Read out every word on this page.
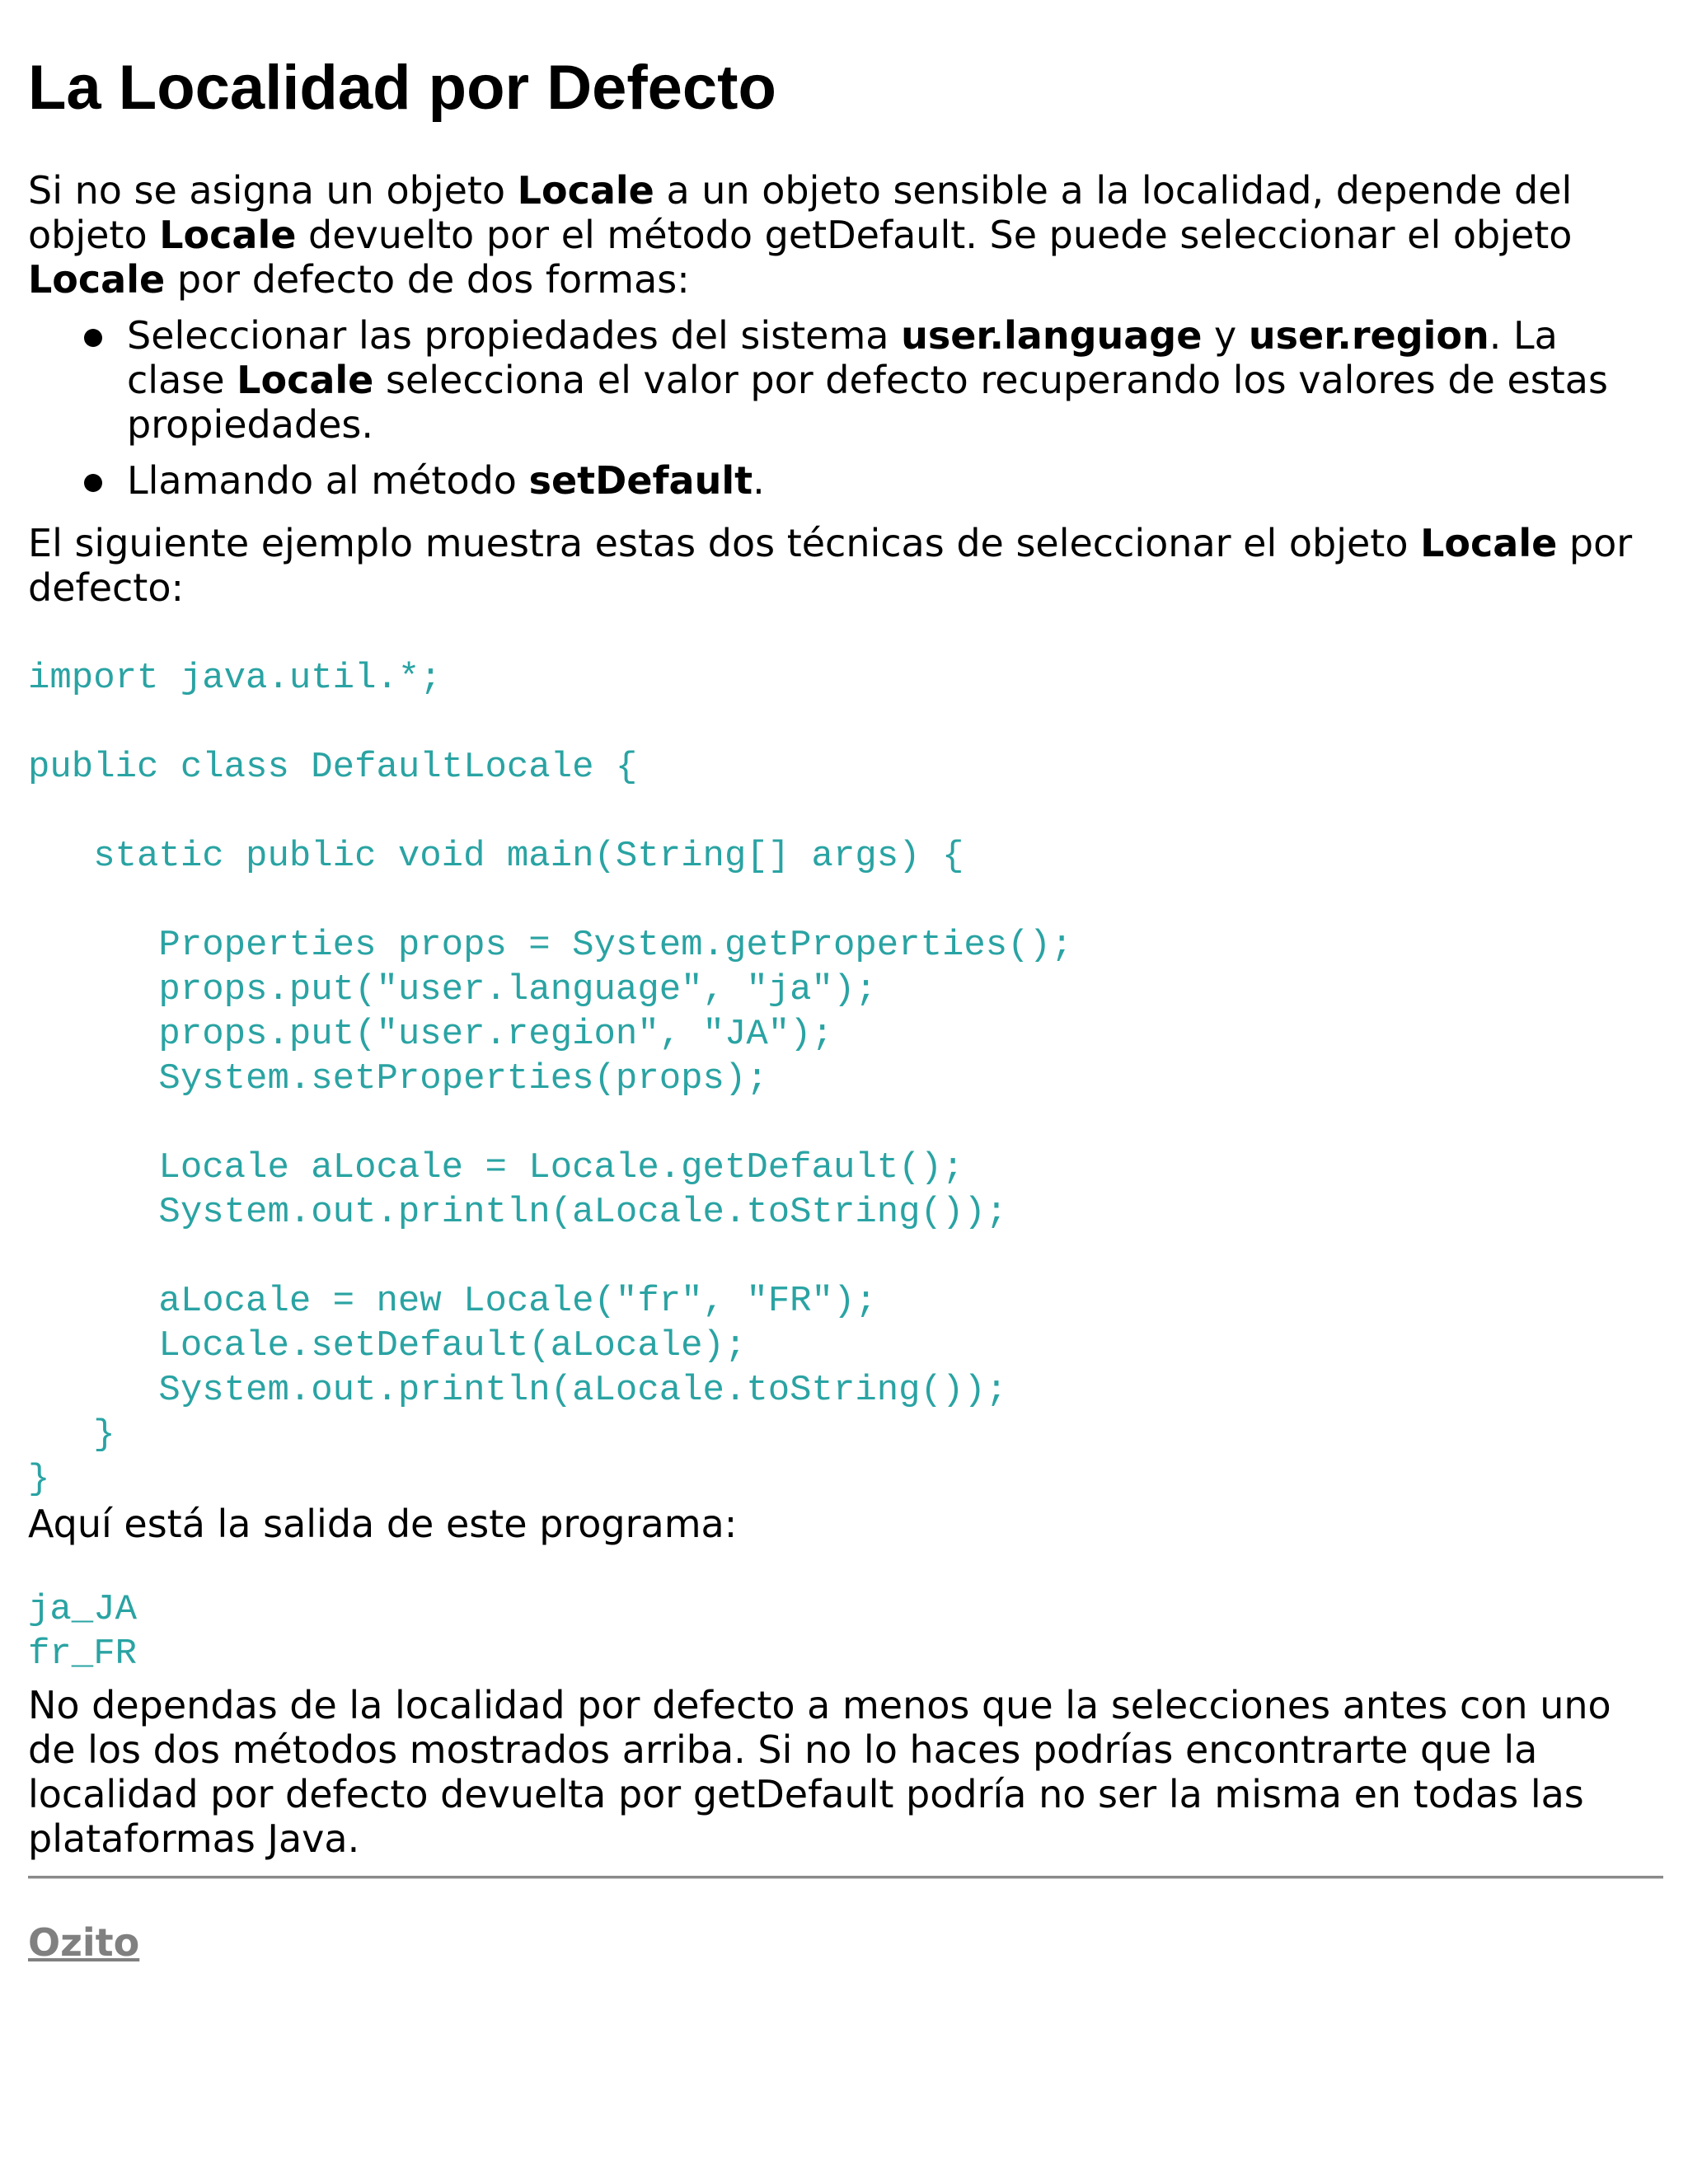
La Localidad por Defecto

Si no se asigna un objeto Locale a un objeto sensible a la localidad, depende del objeto Locale devuelto por el método getDefault. Se puede seleccionar el objeto Locale por defecto de dos formas:

Seleccionar las propiedades del sistema user.language y user.region. La clase Locale selecciona el valor por defecto recuperando los valores de estas propiedades.
Llamando al método setDefault.

El siguiente ejemplo muestra estas dos técnicas de seleccionar el objeto Locale por defecto:

import java.util.*;

public class DefaultLocale {

static public void main(String[] args) {

Properties props = System.getProperties();
props.put("user.language", "ja");
props.put("user.region", "JA");
System.setProperties(props);

Locale aLocale = Locale.getDefault();
System.out.println(aLocale.toString());

aLocale = new Locale("fr", "FR");
Locale.setDefault(aLocale);
System.out.println(aLocale.toString());
}
}

Aquí está la salida de este programa:

ja_JA
fr_FR

No dependas de la localidad por defecto a menos que la selecciones antes con uno de los dos métodos mostrados arriba. Si no lo haces podrías encontrarte que la localidad por defecto devuelta por getDefault podría no ser la misma en todas las plataformas Java.

Ozito
